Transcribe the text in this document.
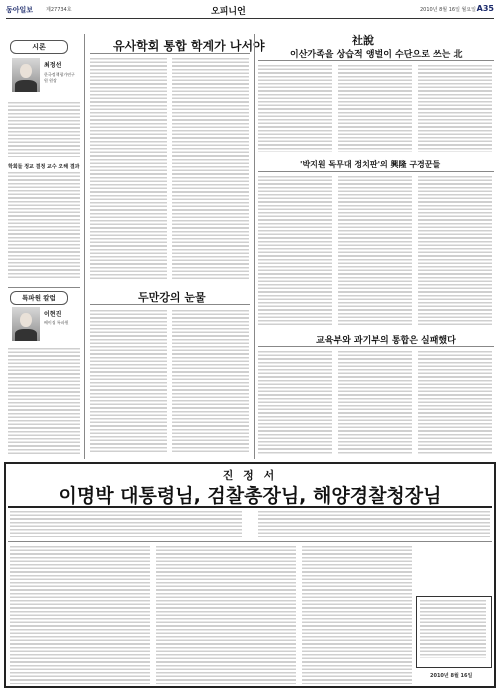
동아일보	제27734호	오피니언	2010년 8월 16일 월요일 A35
시론
최정선
한국정책평가연구원 원장
학회들 정교 결정 교수 오해 결과
특파원 칼럼
이현진
베이징 특파원
유사학회 통합 학계가 나서야
두만강의 눈물
社說
이산가족을 상습적 앵벌이 수단으로 쓰는 北
'박지원 독무대 정치판'의 興隆 구경꾼들
교육부와 과기부의 통합은 실패했다
진 정 서
이명박 대통령님, 검찰총장님, 해양경찰청장님
2010년 8월 16일
